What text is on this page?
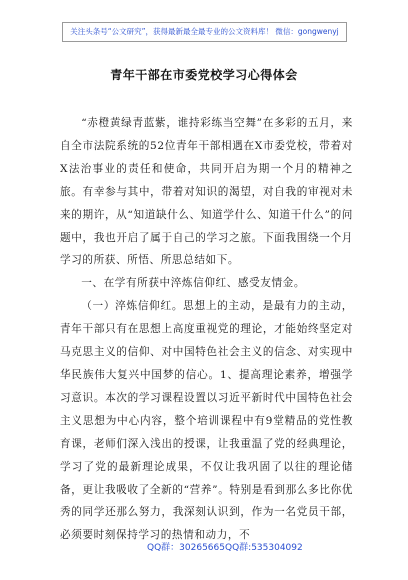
关注头条号“公文研究”，获得最新最全最专业的公文资料库！ 微信：gongwenyj
青年干部在市委党校学习心得体会

“赤橙黄绿青蓝紫，谁持彩练当空舞”在多彩的五月，来自全市法院系统的52位青年干部相遇在X市委党校，带着对X法治事业的责任和使命，共同开启为期一个月的精神之旅。有幸参与其中，带着对知识的渴望，对自我的审视对未来的期许，从“知道缺什么、知道学什么、知道干什么”的问题中，我也开启了属于自己的学习之旅。下面我围绕一个月学习的所获、所悟、所思总结如下。

一、在学有所获中淬炼信仰红、感受友情金。

（一）淬炼信仰红。思想上的主动，是最有力的主动，青年干部只有在思想上高度重视党的理论，才能始终坚定对马克思主义的信仰、对中国特色社会主义的信念、对实现中华民族伟大复兴中国梦的信心。1、提高理论素养，增强学习意识。本次的学习课程设置以习近平新时代中国特色社会主义思想为中心内容，整个培训课程中有9堂精品的党性教育课，老师们深入浅出的授课，让我重温了党的经典理论，学习了党的最新理论成果，不仅让我巩固了以往的理论储备，更让我吸收了全新的“营养”。特别是看到那么多比你优秀的同学还那么努力，我深刻认识到，作为一名党员干部，必须要时刻保持学习的热情和动力，不

QQ群：30265665 QQ群:535304092
